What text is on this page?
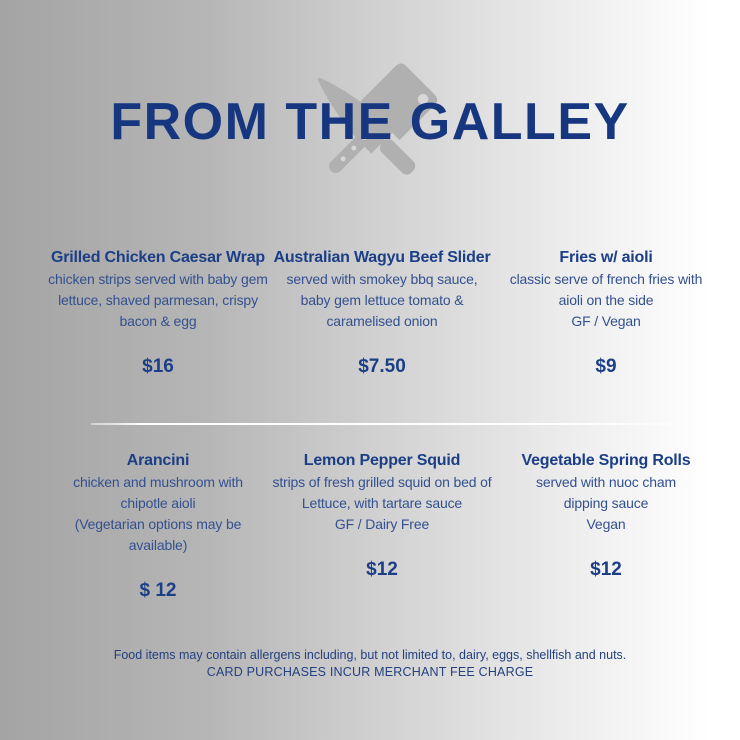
FROM THE GALLEY
Grilled Chicken Caesar Wrap

chicken strips served with baby gem lettuce, shaved parmesan, crispy bacon & egg

$16

Australian Wagyu Beef Slider

served with smokey bbq sauce, baby gem lettuce tomato & caramelised onion

$7.50

Fries w/ aioli

classic serve of french fries with aioli on the side

GF / Vegan

$9

Arancini

chicken and mushroom with chipotle aioli

(Vegetarian options may be available)

$ 12

Lemon Pepper Squid

strips of fresh grilled squid on bed of Lettuce, with tartare sauce

GF / Dairy Free

$12

Vegetable Spring Rolls

served with nuoc cham dipping sauce

Vegan

$12

Food items may contain allergens including, but not limited to, dairy, eggs, shellfish and nuts.

CARD PURCHASES INCUR MERCHANT FEE CHARGE
